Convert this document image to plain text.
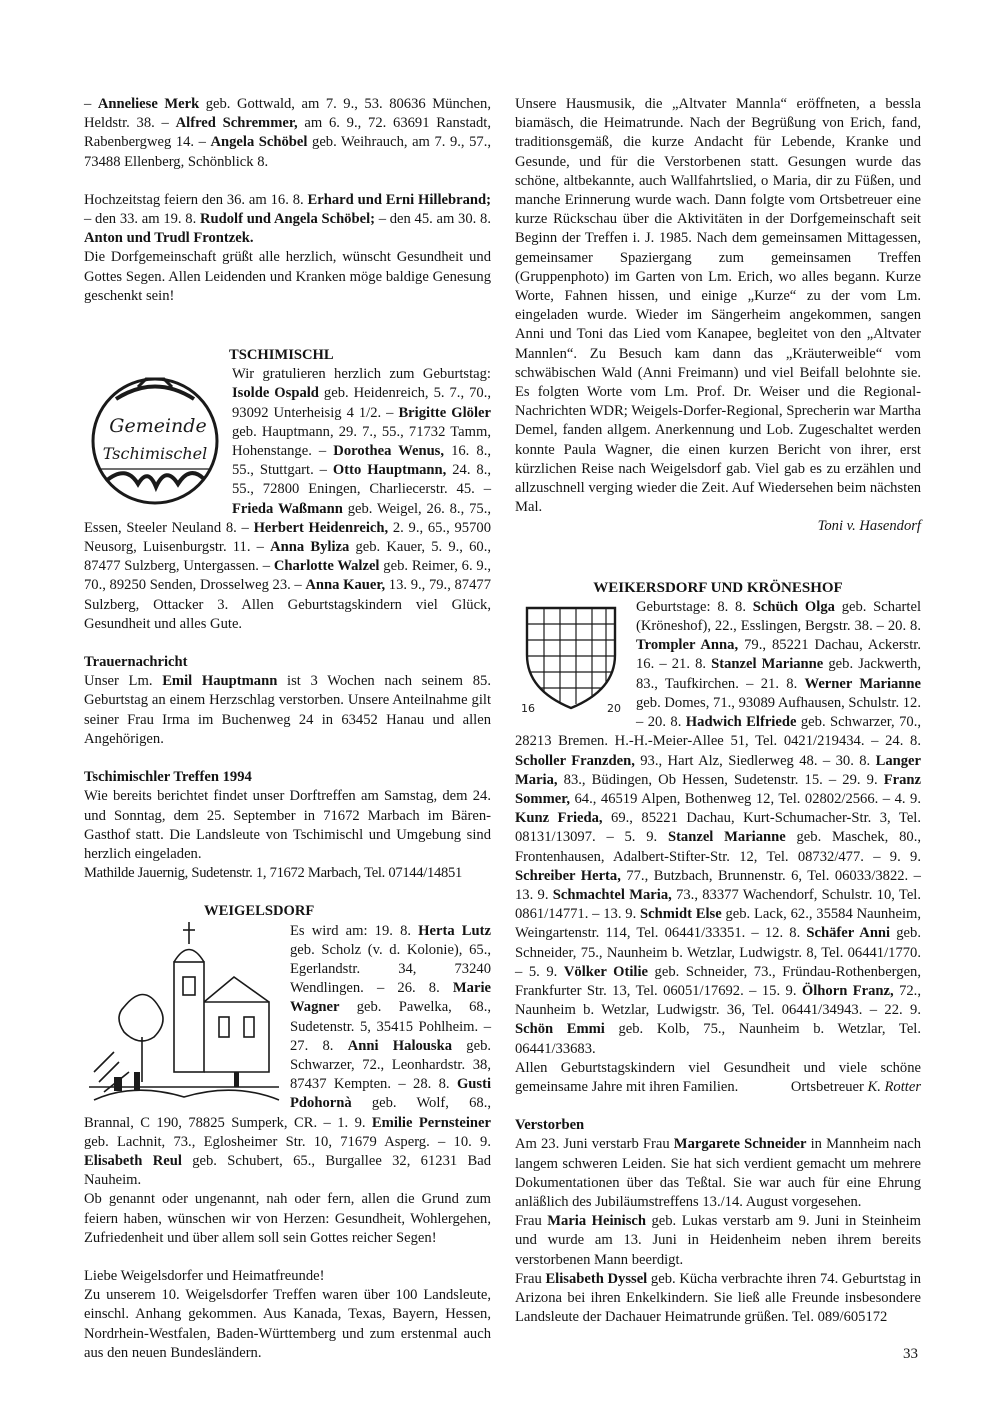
– Anneliese Merk geb. Gottwald, am 7. 9., 53. 80636 München, Heldstr. 38. – Alfred Schremmer, am 6. 9., 72. 63691 Ranstadt, Rabenbergweg 14. – Angela Schöbel geb. Weihrauch, am 7. 9., 57., 73488 Ellenberg, Schönblick 8.

Hochzeitstag feiern den 36. am 16. 8. Erhard und Erni Hillebrand; – den 33. am 19. 8. Rudolf und Angela Schöbel; – den 45. am 30. 8. Anton und Trudl Frontzek.

Die Dorfgemeinschaft grüßt alle herzlich, wünscht Gesundheit und Gottes Segen. Allen Leidenden und Kranken möge baldige Genesung geschenkt sein!

TSCHIMISCHL

Gemeinde
Tschimischel

Wir gratulieren herzlich zum Geburtstag: Isolde Ospald geb. Heidenreich, 5. 7., 70., 93092 Unterheisig 4 1/2. – Brigitte Glöler geb. Hauptmann, 29. 7., 55., 71732 Tamm, Hohenstange. – Dorothea Wenus, 16. 8., 55., Stuttgart. – Otto Hauptmann, 24. 8., 55., 72800 Eningen, Charliecerstr. 45. – Frieda Waßmann geb. Weigel, 26. 8., 75., Essen, Steeler Neuland 8. – Herbert Heidenreich, 2. 9., 65., 95700 Neusorg, Luisenburgstr. 11. – Anna Byliza geb. Kauer, 5. 9., 60., 87477 Sulzberg, Untergassen. – Charlotte Walzel geb. Reimer, 6. 9., 70., 89250 Senden, Drosselweg 23. – Anna Kauer, 13. 9., 79., 87477 Sulzberg, Ottacker 3. Allen Geburtstagskindern viel Glück, Gesundheit und alles Gute.

Trauernachricht

Unser Lm. Emil Hauptmann ist 3 Wochen nach seinem 85. Geburtstag an einem Herzschlag verstorben. Unsere Anteilnahme gilt seiner Frau Irma im Buchenweg 24 in 63452 Hanau und allen Angehörigen.

Tschimischler Treffen 1994

Wie bereits berichtet findet unser Dorftreffen am Samstag, dem 24. und Sonntag, dem 25. September in 71672 Marbach im Bären-Gasthof statt. Die Landsleute von Tschimischl und Umgebung sind herzlich eingeladen.

Mathilde Jauernig, Sudetenstr. 1, 71672 Marbach, Tel. 07144/14851

WEIGELSDORF

Es wird am: 19. 8. Herta Lutz geb. Scholz (v. d. Kolonie), 65., Egerlandstr. 34, 73240 Wendlingen. – 26. 8. Marie Wagner geb. Pawelka, 68., Sudetenstr. 5, 35415 Pohlheim. – 27. 8. Anni Halouska geb. Schwarzer, 72., Leonhardstr. 38, 87437 Kempten. – 28. 8. Gusti Pdohornà geb. Wolf, 68., Brannal, C 190, 78825 Sumperk, CR. – 1. 9. Emilie Pernsteiner geb. Lachnit, 73., Eglosheimer Str. 10, 71679 Asperg. – 10. 9. Elisabeth Reul geb. Schubert, 65., Burgallee 32, 61231 Bad Nauheim.

Ob genannt oder ungenannt, nah oder fern, allen die Grund zum feiern haben, wünschen wir von Herzen: Gesundheit, Wohlergehen, Zufriedenheit und über allem soll sein Gottes reicher Segen!

Liebe Weigelsdorfer und Heimatfreunde!

Zu unserem 10. Weigelsdorfer Treffen waren über 100 Landsleute, einschl. Anhang gekommen. Aus Kanada, Texas, Bayern, Hessen, Nordrhein-Westfalen, Baden-Württemberg und zum erstenmal auch aus den neuen Bundesländern.

Unsere Hausmusik, die „Altvater Mannla“ eröffneten, a bessla biamäsch, die Heimatrunde. Nach der Begrüßung von Erich, fand, traditionsgemäß, die kurze Andacht für Lebende, Kranke und Gesunde, und für die Verstorbenen statt. Gesungen wurde das schöne, altbekannte, auch Wallfahrtslied, o Maria, dir zu Füßen, und manche Erinnerung wurde wach. Dann folgte vom Ortsbetreuer eine kurze Rückschau über die Aktivitäten in der Dorfgemeinschaft seit Beginn der Treffen i. J. 1985. Nach dem gemeinsamen Mittagessen, gemeinsamer Spaziergang zum gemeinsamen Treffen (Gruppenphoto) im Garten von Lm. Erich, wo alles begann. Kurze Worte, Fahnen hissen, und einige „Kurze“ zu der vom Lm. eingeladen wurde. Wieder im Sängerheim angekommen, sangen Anni und Toni das Lied vom Kanapee, begleitet von den „Altvater Mannlen“. Zu Besuch kam dann das „Kräuterweible“ vom schwäbischen Wald (Anni Freimann) und viel Beifall belohnte sie. Es folgten Worte vom Lm. Prof. Dr. Weiser und die Regional-Nachrichten WDR; Weigels-Dorfer-Regional, Sprecherin war Martha Demel, fanden allgem. Anerkennung und Lob. Zugeschaltet werden konnte Paula Wagner, die einen kurzen Bericht von ihrer, erst kürzlichen Reise nach Weigelsdorf gab. Viel gab es zu erzählen und allzuschnell verging wieder die Zeit. Auf Wiedersehen beim nächsten Mal.

Toni v. Hasendorf

WEIKERSDORF UND KRÖNESHOF

16	20

Geburtstage: 8. 8. Schüch Olga geb. Schartel (Kröneshof), 22., Esslingen, Bergstr. 38. – 20. 8. Trompler Anna, 79., 85221 Dachau, Ackerstr. 16. – 21. 8. Stanzel Marianne geb. Jackwerth, 83., Taufkirchen. – 21. 8. Werner Marianne geb. Domes, 71., 93089 Aufhausen, Schulstr. 12. – 20. 8. Hadwich Elfriede geb. Schwarzer, 70., 28213 Bremen. H.-H.-Meier-Allee 51, Tel. 0421/219434. – 24. 8. Scholler Franzden, 93., Hart Alz, Siedlerweg 48. – 30. 8. Langer Maria, 83., Büdingen, Ob Hessen, Sudetenstr. 15. – 29. 9. Franz Sommer, 64., 46519 Alpen, Bothenweg 12, Tel. 02802/2566. – 4. 9. Kunz Frieda, 69., 85221 Dachau, Kurt-Schumacher-Str. 3, Tel. 08131/13097. – 5. 9. Stanzel Marianne geb. Maschek, 80., Frontenhausen, Adalbert-Stifter-Str. 12, Tel. 08732/477. – 9. 9. Schreiber Herta, 77., Butzbach, Brunnenstr. 6, Tel. 06033/3822. – 13. 9. Schmachtel Maria, 73., 83377 Wachendorf, Schulstr. 10, Tel. 0861/14771. – 13. 9. Schmidt Else geb. Lack, 62., 35584 Naunheim, Weingartenstr. 114, Tel. 06441/33351. – 12. 8. Schäfer Anni geb. Schneider, 75., Naunheim b. Wetzlar, Ludwigstr. 8, Tel. 06441/1770. – 5. 9. Völker Otilie geb. Schneider, 73., Fründau-Rothenbergen, Frankfurter Str. 13, Tel. 06051/17692. – 15. 9. Ölhorn Franz, 72., Naunheim b. Wetzlar, Ludwigstr. 36, Tel. 06441/34943. – 22. 9. Schön Emmi geb. Kolb, 75., Naunheim b. Wetzlar, Tel. 06441/33683.

Allen Geburtstagskindern viel Gesundheit und viele schöne gemeinsame Jahre mit ihren Familien.	Ortsbetreuer K. Rotter

Verstorben

Am 23. Juni verstarb Frau Margarete Schneider in Mannheim nach langem schweren Leiden. Sie hat sich verdient gemacht um mehrere Dokumentationen über das Teßtal. Sie war auch für eine Ehrung anläßlich des Jubiläumstreffens 13./14. August vorgesehen.

Frau Maria Heinisch geb. Lukas verstarb am 9. Juni in Steinheim und wurde am 13. Juni in Heidenheim neben ihrem bereits verstorbenen Mann beerdigt.

Frau Elisabeth Dyssel geb. Kücha verbrachte ihren 74. Geburtstag in Arizona bei ihren Enkelkindern. Sie ließ alle Freunde insbesondere Landsleute der Dachauer Heimatrunde grüßen. Tel. 089/605172

33
